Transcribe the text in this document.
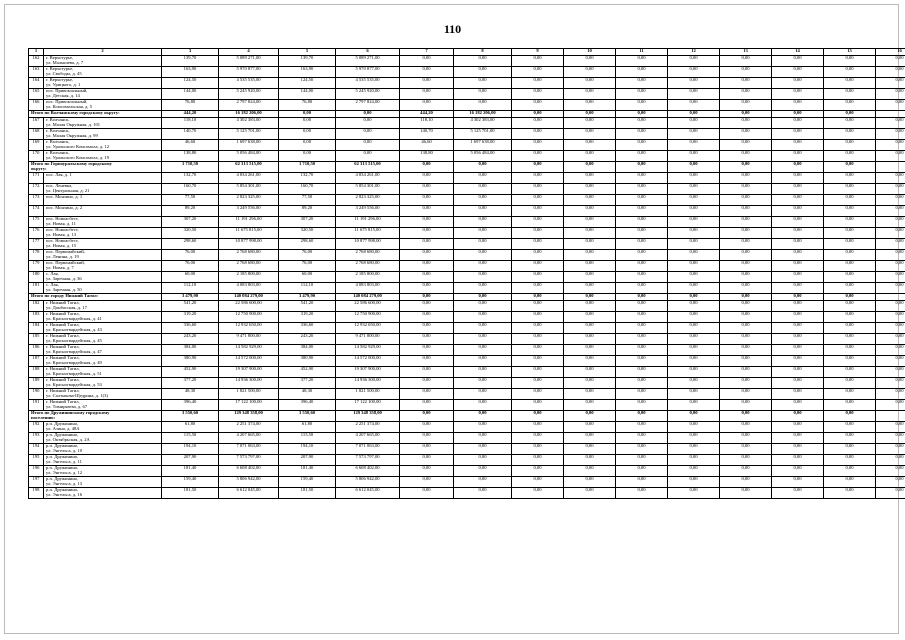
110
1	2	3	4	5	6	7	8	9	10	11	12	13	14	15	16
162	г. Верхотурье,
ул. Малышева, д. 7	139,70	5 089 271,00	139,70	5 089 271,00	0,00	0,00	0,00	0,00	0,00	0,00	0,00	0,00	0,00	0,00
163	г. Верхотурье,
ул. Свободы, д. 45	163,90	5 970 877,00	163,90	5 970 877,00	0,00	0,00	0,00	0,00	0,00	0,00	0,00	0,00	0,00	0,00
164	г. Верхотурье,
ул. Урицкого, д. 1	124,50	4 535 535,00	124,50	4 535 535,00	0,00	0,00	0,00	0,00	0,00	0,00	0,00	0,00	0,00	0,00
165	пос. Привокзальный,
ул. Детская, д. 14	144,00	5 245 920,00	144,00	5 245 920,00	0,00	0,00	0,00	0,00	0,00	0,00	0,00	0,00	0,00	0,00
166	пос. Привокзальный,
ул. Комсомольская, д. 5	76,80	2 797 824,00	76,80	2 797 824,00	0,00	0,00	0,00	0,00	0,00	0,00	0,00	0,00	0,00	0,00

Итого по Волчанскому городскому округу:		444,20	16 182 206,00	0,00	0,00	444,20	16 182 206,00	0,00	0,00	0,00	0,00	0,00	0,00	0,00	
167	г. Волчанск,
ул. Малая Окружная, д. 101	118,10	4 302 383,00	0,00	0,00	118,10	4 302 383,00	0,00	0,00	0,00	0,00	0,00	0,00	0,00	0,00
168	г. Волчанск,
ул. Малая Окружная, д. 99	140,70	5 125 701,00	0,00	0,00	140,70	5 125 701,00	0,00	0,00	0,00	0,00	0,00	0,00	0,00	0,00
169	г. Волчанск,
ул. Уральского Комсомола, д. 12	46,60	1 697 638,00	0,00	0,00	46,60	1 697 638,00	0,00	0,00	0,00	0,00	0,00	0,00	0,00	0,00
170	г. Волчанск,
ул. Уральского Комсомола, д. 19	138,80	5 056 484,00	0,00	0,00	138,80	5 056 484,00	0,00	0,00	0,00	0,00	0,00	0,00	0,00	0,00

Итого по Горноуральскому городскому
округу:		1 710,50	62 313 515,00	1 710,50	62 313 515,00	0,00	0,00	0,00	0,00	0,00	0,00	0,00	0,00	0,00	
171	пос. Лая, д. 1	132,70	4 834 261,00	132,70	4 834 261,00	0,00	0,00	0,00	0,00	0,00	0,00	0,00	0,00	0,00	0,00
172	пос. Леневка,
ул. Центральная, д. 21	160,70	5 854 301,00	160,70	5 854 301,00	0,00	0,00	0,00	0,00	0,00	0,00	0,00	0,00	0,00	0,00
173	пос. Монзино, д. 1	77,50	2 823 325,00	77,50	2 823 325,00	0,00	0,00	0,00	0,00	0,00	0,00	0,00	0,00	0,00	0,00
174	пос. Монзино, д. 2	89,20	3 249 556,00	89,20	3 249 556,00	0,00	0,00	0,00	0,00	0,00	0,00	0,00	0,00	0,00	0,00
175	пос. Новоасбест,
ул. Новая, д. 11	307,20	11 191 296,00	307,20	11 191 296,00	0,00	0,00	0,00	0,00	0,00	0,00	0,00	0,00	0,00	0,00
176	пос. Новоасбест,
ул. Новая, д. 13	320,50	11 675 815,00	320,50	11 675 815,00	0,00	0,00	0,00	0,00	0,00	0,00	0,00	0,00	0,00	0,00
177	пос. Новоасбест,
ул. Новая, д. 15	298,60	10 877 998,00	298,60	10 877 998,00	0,00	0,00	0,00	0,00	0,00	0,00	0,00	0,00	0,00	0,00
178	пос. Первомайский,
ул. Ленина, д. 19	76,00	2 768 680,00	76,00	2 768 680,00	0,00	0,00	0,00	0,00	0,00	0,00	0,00	0,00	0,00	0,00
179	пос. Первомайский,
ул. Новая, д. 7	76,00	2 768 680,00	76,00	2 768 680,00	0,00	0,00	0,00	0,00	0,00	0,00	0,00	0,00	0,00	0,00
180	с. Лая,
ул. Заречная, д. 36	60,00	2 185 800,00	60,00	2 185 800,00	0,00	0,00	0,00	0,00	0,00	0,00	0,00	0,00	0,00	0,00
181	с. Лая,
ул. Заречная, д. 50	112,10	4 083 803,00	112,10	4 083 803,00	0,00	0,00	0,00	0,00	0,00	0,00	0,00	0,00	0,00	0,00

Итого по городу Нижний Тагил:		3 479,90	140 084 279,00	3 479,90	140 084 279,00	0,00	0,00	0,00	0,00	0,00	0,00	0,00	0,00	0,00	
182	г. Нижний Тагил,
ул. Донбасская, д. 17	541,20	22 586 600,00	541,20	22 586 600,00	0,00	0,00	0,00	0,00	0,00	0,00	0,00	0,00	0,00	0,00
183	г. Нижний Тагил,
ул. Красногвардейская, д. 41	319,20	12 750 900,00	319,20	12 750 900,00	0,00	0,00	0,00	0,00	0,00	0,00	0,00	0,00	0,00	0,00
184	г. Нижний Тагил,
ул. Красногвардейская, д. 43	336,60	12 932 650,00	336,60	12 932 650,00	0,00	0,00	0,00	0,00	0,00	0,00	0,00	0,00	0,00	0,00
185	г. Нижний Тагил,
ул. Красногвардейская, д. 45	243,20	9 471 800,00	243,20	9 471 800,00	0,00	0,00	0,00	0,00	0,00	0,00	0,00	0,00	0,00	0,00
186	г. Нижний Тагил,
ул. Красногвардейская, д. 47	384,00	14 582 929,00	384,00	14 582 929,00	0,00	0,00	0,00	0,00	0,00	0,00	0,00	0,00	0,00	0,00
187	г. Нижний Тагил,
ул. Красногвардейская, д. 49	380,90	14 572 000,00	380,90	14 572 000,00	0,00	0,00	0,00	0,00	0,00	0,00	0,00	0,00	0,00	0,00
188	г. Нижний Тагил,
ул. Красногвардейская, д. 51	452,90	19 307 900,00	452,90	19 307 900,00	0,00	0,00	0,00	0,00	0,00	0,00	0,00	0,00	0,00	0,00
189	г. Нижний Тагил,
ул. Красногвардейская, д. 53	377,20	14 936 300,00	377,20	14 936 300,00	0,00	0,00	0,00	0,00	0,00	0,00	0,00	0,00	0,00	0,00
190	г. Нижний Тагил,
ул. Салтыкова-Щедрина, д. 1(3)	48,30	1 821 500,00	48,30	1 821 500,00	0,00	0,00	0,00	0,00	0,00	0,00	0,00	0,00	0,00	0,00
191	г. Нижний Тагил,
ул. Тимирязева, д. 67	396,40	17 122 100,00	396,40	17 122 100,00	0,00	0,00	0,00	0,00	0,00	0,00	0,00	0,00	0,00	0,00

Итого по Дружининскому городскому
поселению:		3 550,60	129 348 358,00	3 550,60	129 348 358,00	0,00	0,00	0,00	0,00	0,00	0,00	0,00	0,00	0,00	
192	р.п. Дружинино,
ул. Азина, д. 48А	61,80	2 251 374,00	61,80	2 251 374,00	0,00	0,00	0,00	0,00	0,00	0,00	0,00	0,00	0,00	0,00
193	р.п. Дружинино,
ул. Октябрьская, д. 2А	115,50	4 207 665,00	115,50	4 207 665,00	0,00	0,00	0,00	0,00	0,00	0,00	0,00	0,00	0,00	0,00
194	р.п. Дружинино,
ул. Энгельса, д. 10	194,10	7 071 063,00	194,10	7 071 063,00	0,00	0,00	0,00	0,00	0,00	0,00	0,00	0,00	0,00	0,00
195	р.п. Дружинино,
ул. Энгельса, д. 11	207,90	7 573 797,00	207,90	7 573 797,00	0,00	0,00	0,00	0,00	0,00	0,00	0,00	0,00	0,00	0,00
196	р.п. Дружинино,
ул. Энгельса, д. 12	181,40	6 608 402,00	181,40	6 608 402,00	0,00	0,00	0,00	0,00	0,00	0,00	0,00	0,00	0,00	0,00
197	р.п. Дружинино,
ул. Энгельса, д. 13	159,40	5 806 942,00	159,40	5 806 942,00	0,00	0,00	0,00	0,00	0,00	0,00	0,00	0,00	0,00	0,00
198	р.п. Дружинино,
ул. Энгельса, д. 16	181,50	6 612 045,00	181,50	6 612 045,00	0,00	0,00	0,00	0,00	0,00	0,00	0,00	0,00	0,00	0,00
